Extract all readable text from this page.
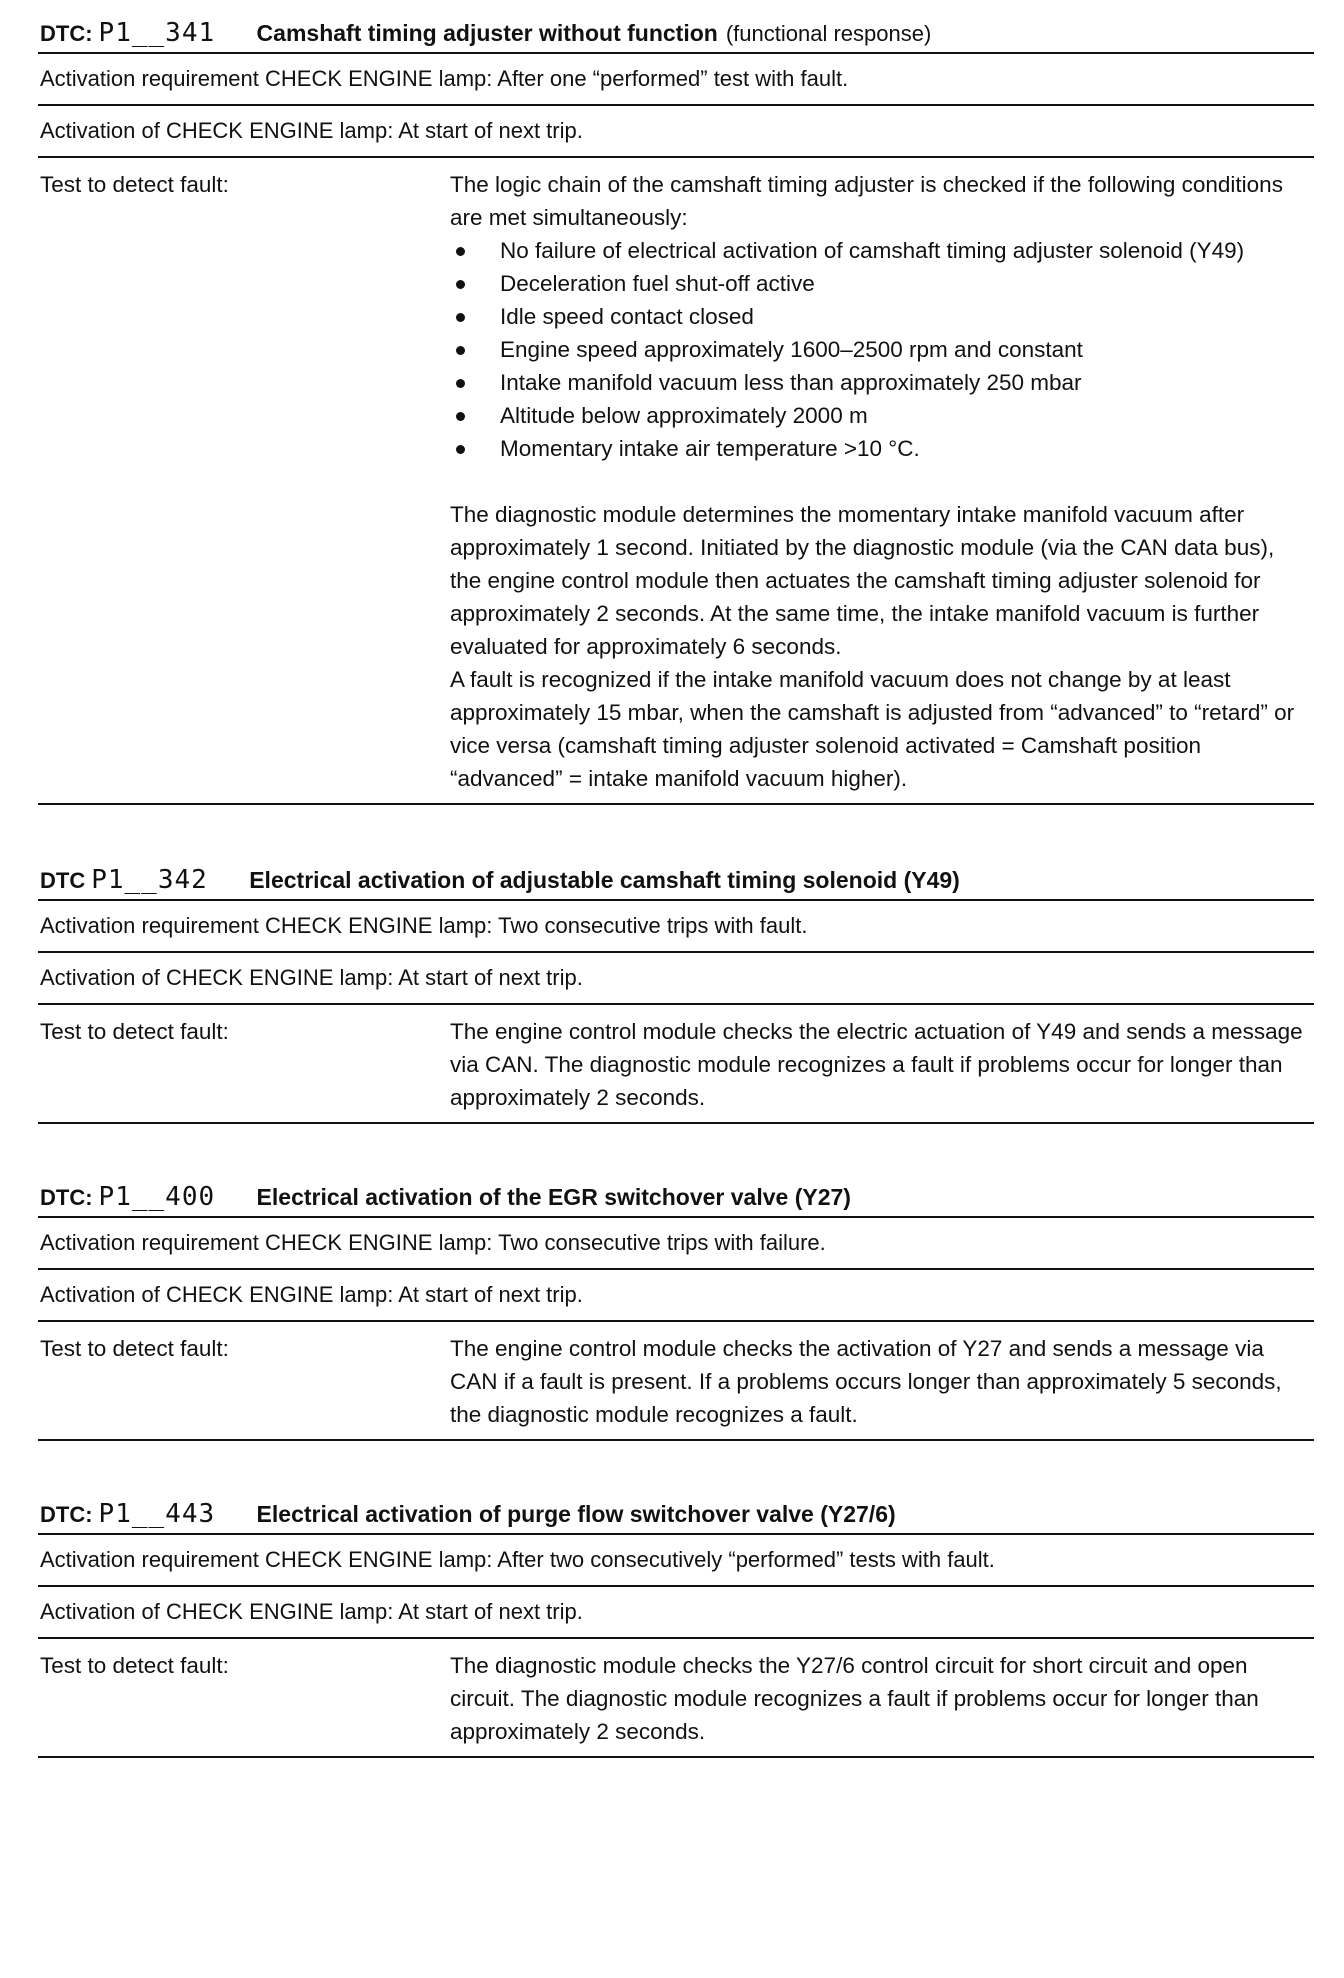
DTC: P1__341	Camshaft timing adjuster without function (functional response)
Activation requirement CHECK ENGINE lamp: After one “performed” test with fault.
Activation of CHECK ENGINE lamp: At start of next trip.
Test to detect fault:	The logic chain of the camshaft timing adjuster is checked if the following conditions are met simultaneously:

No failure of electrical activation of camshaft timing adjuster solenoid (Y49)
Deceleration fuel shut-off active
Idle speed contact closed
Engine speed approximately 1600–2500 rpm and constant
Intake manifold vacuum less than approximately 250 mbar
Altitude below approximately 2000 m
Momentary intake air temperature >10 °C.

The diagnostic module determines the momentary intake manifold vacuum after approximately 1 second. Initiated by the diagnostic module (via the CAN data bus), the engine control module then actuates the camshaft timing adjuster solenoid for approximately 2 seconds. At the same time, the intake manifold vacuum is further evaluated for approximately 6 seconds.

A fault is recognized if the intake manifold vacuum does not change by at least approximately 15 mbar, when the camshaft is adjusted from “advanced” to “retard” or vice versa (camshaft timing adjuster solenoid activated = Camshaft position “advanced” = intake manifold vacuum higher).

DTC P1__342	Electrical activation of adjustable camshaft timing solenoid (Y49)
Activation requirement CHECK ENGINE lamp: Two consecutive trips with fault.
Activation of CHECK ENGINE lamp: At start of next trip.
Test to detect fault:	The engine control module checks the electric actuation of Y49 and sends a message via CAN. The diagnostic module recognizes a fault if problems occur for longer than approximately 2 seconds.

DTC: P1__400	Electrical activation of the EGR switchover valve (Y27)
Activation requirement CHECK ENGINE lamp: Two consecutive trips with failure.
Activation of CHECK ENGINE lamp: At start of next trip.
Test to detect fault:	The engine control module checks the activation of Y27 and sends a message via CAN if a fault is present. If a problems occurs longer than approximately 5 seconds, the diagnostic module recognizes a fault.

DTC: P1__443	Electrical activation of purge flow switchover valve (Y27/6)
Activation requirement CHECK ENGINE lamp: After two consecutively “performed” tests with fault.
Activation of CHECK ENGINE lamp: At start of next trip.
Test to detect fault:	The diagnostic module checks the Y27/6 control circuit for short circuit and open circuit. The diagnostic module recognizes a fault if problems occur for longer than approximately 2 seconds.
